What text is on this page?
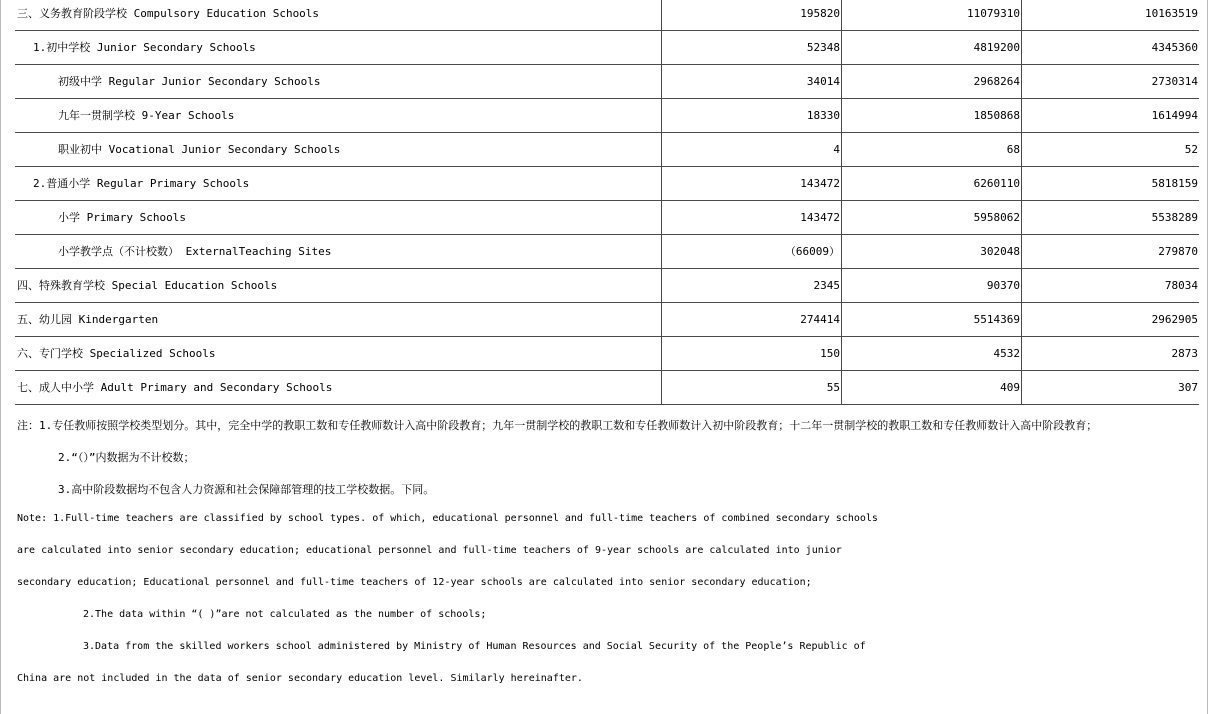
三、义务教育阶段学校 Compulsory Education Schools	195820	11079310	10163519
1.初中学校 Junior Secondary Schools	52348	4819200	4345360
初级中学 Regular Junior Secondary Schools	34014	2968264	2730314
九年一贯制学校 9-Year Schools	18330	1850868	1614994
职业初中 Vocational Junior Secondary Schools	4	68	52
2.普通小学 Regular Primary Schools	143472	6260110	5818159
小学 Primary Schools	143472	5958062	5538289
小学教学点（不计校数） ExternalTeaching Sites	（66009）	302048	279870
四、特殊教育学校 Special Education Schools	2345	90370	78034
五、幼儿园 Kindergarten	274414	5514369	2962905
六、专门学校 Specialized Schools	150	4532	2873
七、成人中小学 Adult Primary and Secondary Schools	55	409	307
注：1.专任教师按照学校类型划分。其中，完全中学的教职工数和专任教师数计入高中阶段教育；九年一贯制学校的教职工数和专任教师数计入初中阶段教育；十二年一贯制学校的教职工数和专任教师数计入高中阶段教育；
2.“（）”内数据为不计校数；
3.高中阶段数据均不包含人力资源和社会保障部管理的技工学校数据。下同。
Note: 1.Full-time teachers are classified by school types. of which, educational personnel and full-time teachers of combined secondary schools
are calculated into senior secondary education; educational personnel and full-time teachers of 9-year schools are calculated into junior
secondary education; Educational personnel and full-time teachers of 12-year schools are calculated into senior secondary education;
2.The data within “( )”are not calculated as the number of schools;
3.Data from the skilled workers school administered by Ministry of Human Resources and Social Security of the People’s Republic of
China are not included in the data of senior secondary education level. Similarly hereinafter.
